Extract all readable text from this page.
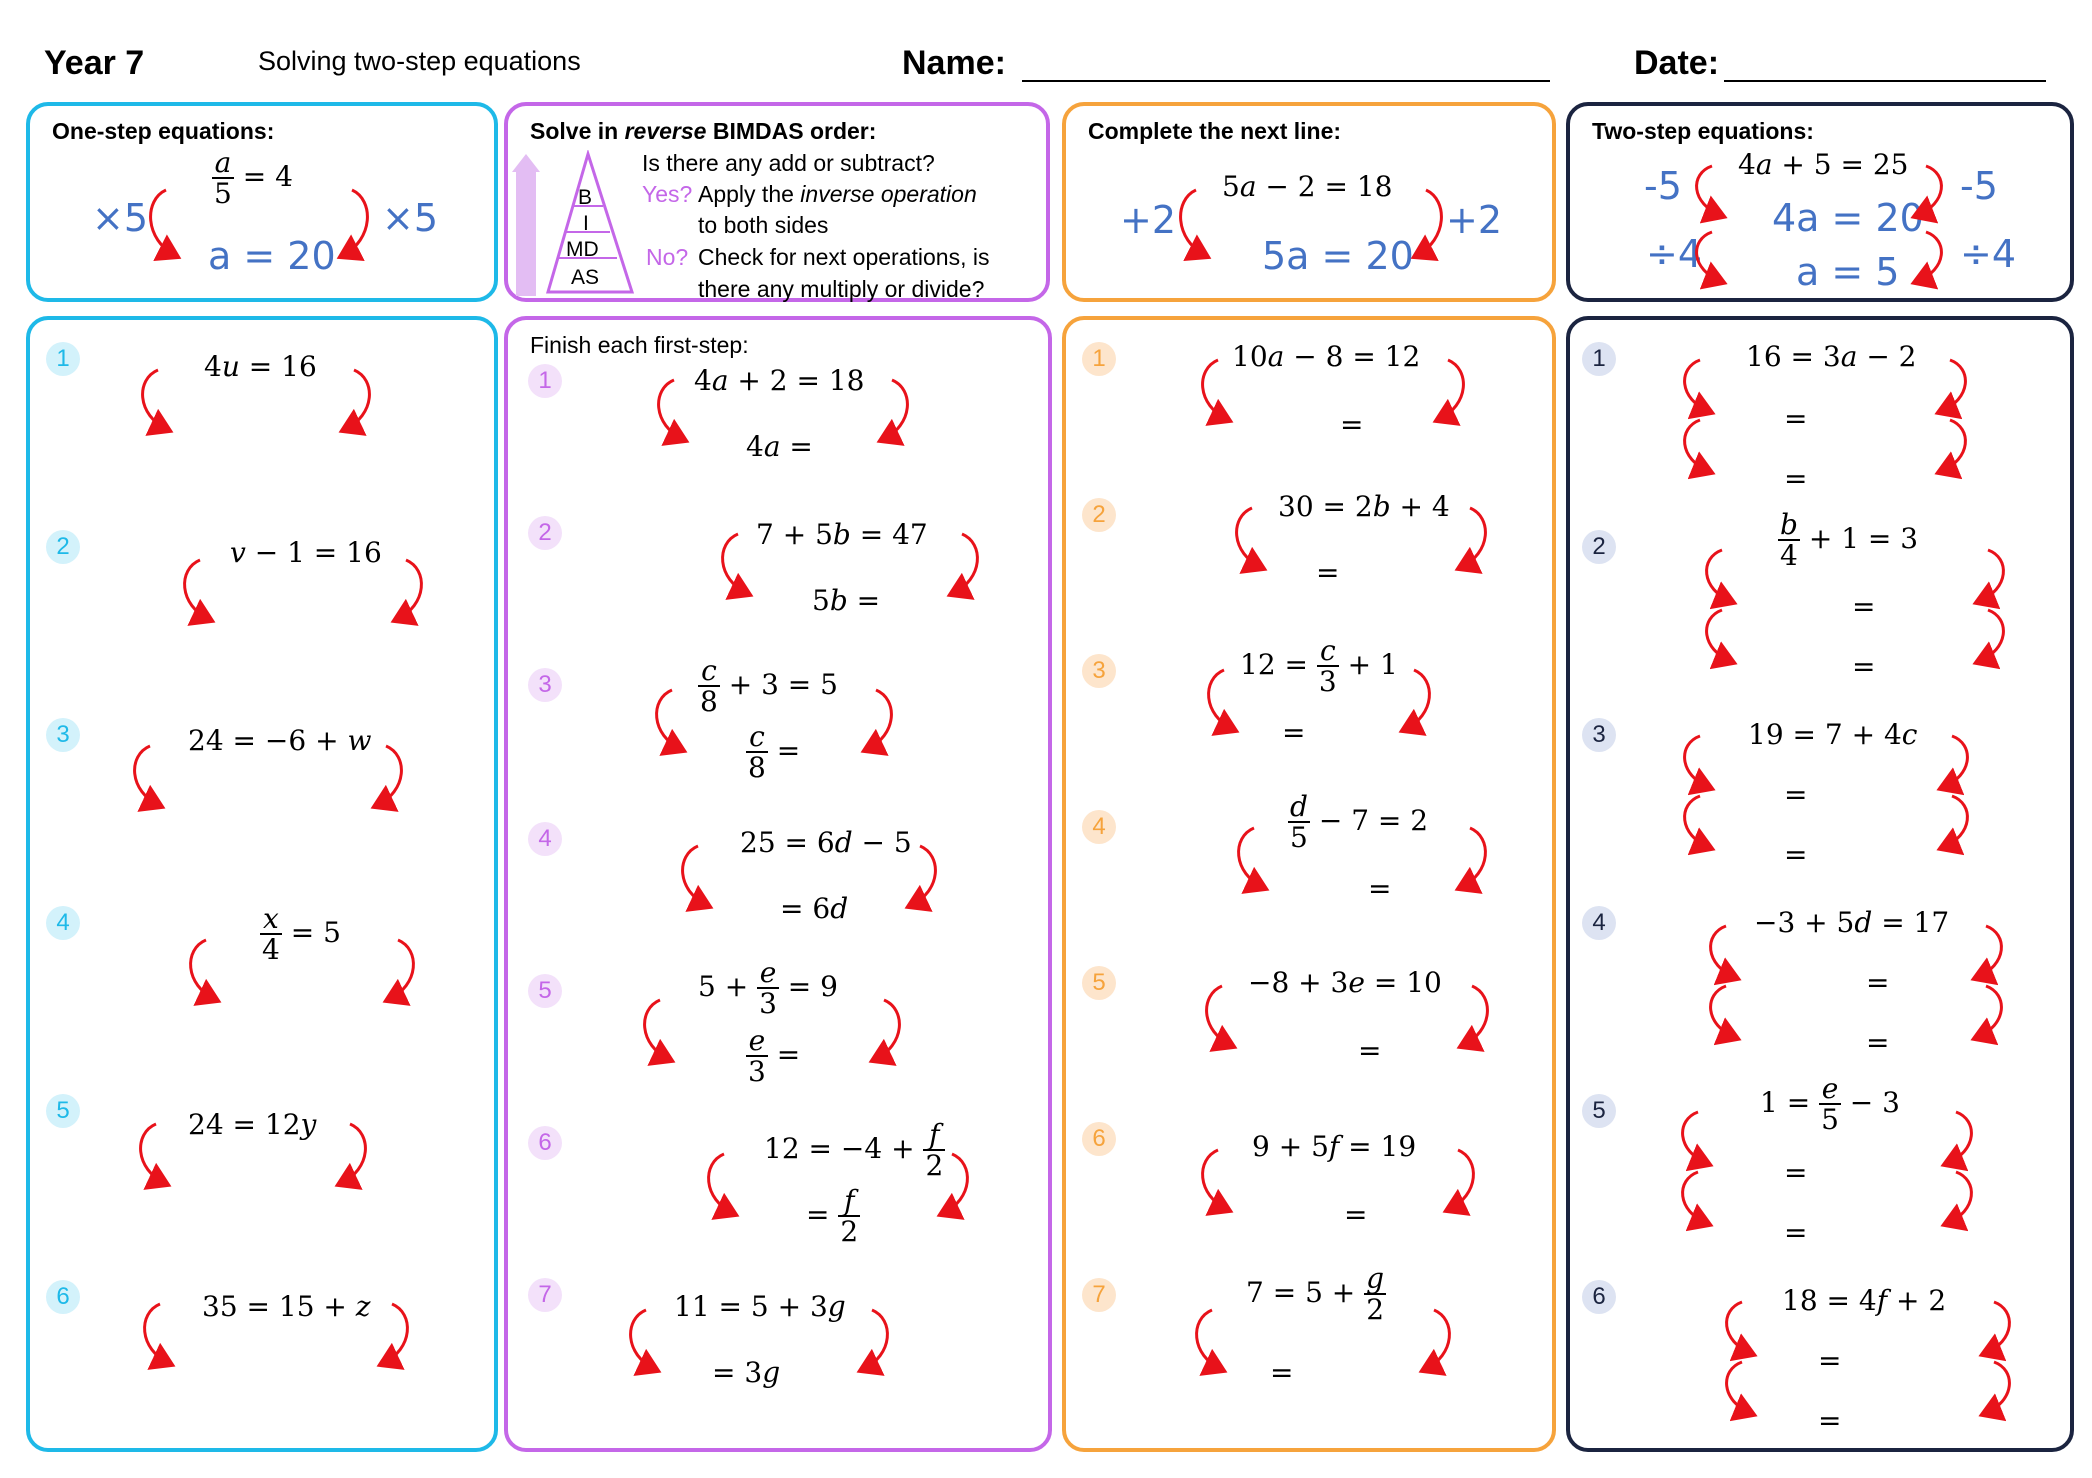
Year 7	Solving two-step equations	Name:	Date:
One-step equations:
$\frac{a}{5} = 4$
×5	×5
a = 20
Solve in reverse BIMDAS order:
B
I
MD
AS
Is there any add or subtract?
Yes? Apply the inverse operation
to both sides
No? Check for next operations, is
there any multiply or divide?
Complete the next line:
5a − 2 = 18
+2	+2
5a = 20
Two-step equations:
4a + 5 = 25
-5	-5
4a = 20
÷4	÷4
a = 5
1	4u = 16
2	v − 1 = 16
3	24 = −6 + w
4	$\frac{x}{4} = 5$
5	24 = 12y
6	35 = 15 + z
Finish each first-step:
1	4a + 2 = 18
4a =
2	7 + 5b = 47
5b =
3	$\frac{c}{8} + 3 = 5$
$\frac{c}{8}$ =
4	25 = 6d − 5
= 6d
5	$5 + \frac{e}{3} = 9$
$\frac{e}{3}$ =
6	$12 = -4 + \frac{f}{2}$
= $\frac{f}{2}$
7	11 = 5 + 3g
= 3g
1	10a − 8 = 12
=
2	30 = 2b + 4
=
3	$12 = \frac{c}{3} + 1$
=
4	$\frac{d}{5} - 7 = 2$
=
5	−8 + 3e = 10
=
6	9 + 5f = 19
=
7	$7 = 5 + \frac{g}{2}$
=
1	16 = 3a − 2
=
=
2	$\frac{b}{4} + 1 = 3$
=
=
3	19 = 7 + 4c
=
=
4	−3 + 5d = 17
=
=
5	$1 = \frac{e}{5} - 3$
=
=
6	18 = 4f + 2
=
=
